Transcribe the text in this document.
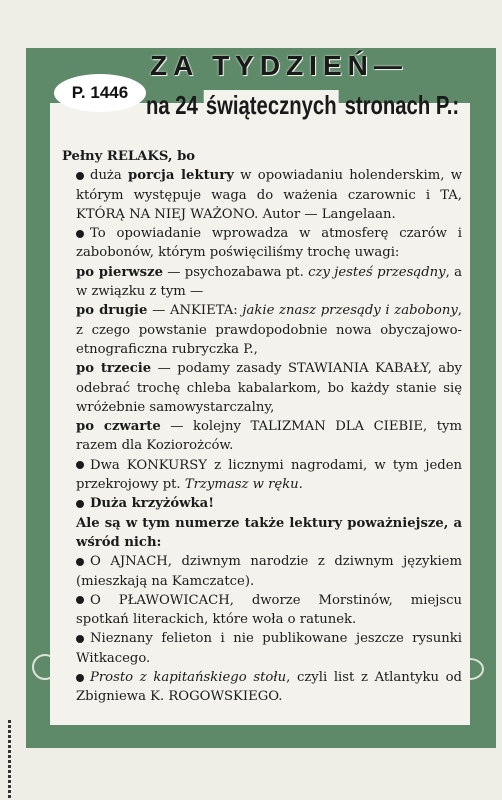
P. 1446
ZA TYDZIEŃ—
na 24 świątecznych stronach P.:

Pełny RELAKS, bo

duża porcja lektury w opowiadaniu holenderskim, w którym występuje waga do ważenia czarownic i TA, KTÓRĄ NA NIEJ WAŻONO. Autor — Langelaan.

To opowiadanie wprowadza w atmosferę czarów i zabobonów, którym poświęciliśmy trochę uwagi:

po pierwsze — psychozabawa pt. czy jesteś przesądny, a w związku z tym —

po drugie — ANKIETA: jakie znasz przesądy i zabobony, z czego powstanie prawdopodobnie nowa obyczajowo-etnograficzna rubryczka P.,

po trzecie — podamy zasady STAWIANIA KABAŁY, aby odebrać trochę chleba kabalarkom, bo każdy stanie się wróżebnie samowystarczalny,

po czwarte — kolejny TALIZMAN DLA CIEBIE, tym razem dla Koziorożców.

Dwa KONKURSY z licznymi nagrodami, w tym jeden przekrojowy pt. Trzymasz w ręku.

Duża krzyżówka!

Ale są w tym numerze także lektury poważniejsze, a wśród nich:

O AJNACH, dziwnym narodzie z dziwnym językiem (mieszkają na Kamczatce).

O PŁAWOWICACH, dworze Morstinów, miejscu spotkań literackich, które woła o ratunek.

Nieznany felieton i nie publikowane jeszcze rysunki Witkacego.

Prosto z kapitańskiego stołu, czyli list z Atlantyku od Zbigniewa K. ROGOWSKIEGO.
